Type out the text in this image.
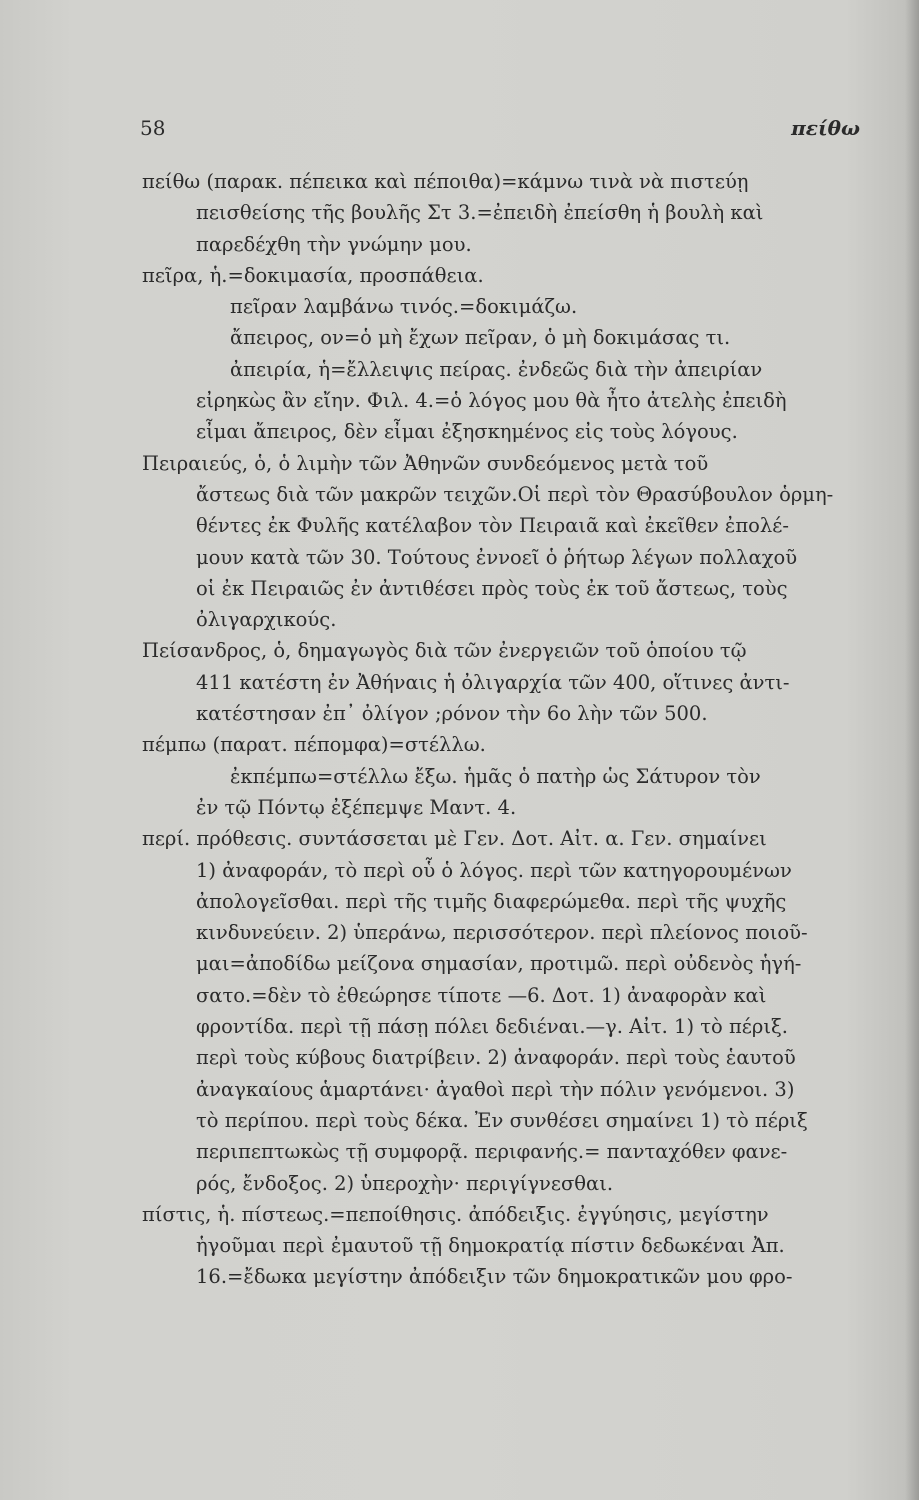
58	πείθω
πείθω (παρακ. πέπεικα καὶ πέποιθα)=κάμνω τινὰ νὰ πιστεύῃ
πεισθείσης τῆς βουλῆς Στ 3.=ἐπειδὴ ἐπείσθη ἡ βουλὴ καὶ
παρεδέχθη τὴν γνώμην μου.
πεῖρα, ἡ.=δοκιμασία, προσπάθεια.
πεῖραν λαμβάνω τινός.=δοκιμάζω.
ἄπειρος, ον=ὁ μὴ ἔχων πεῖραν, ὁ μὴ δοκιμάσας τι.
ἀπειρία, ἡ=ἔλλειψις πείρας. ἐνδεῶς διὰ τὴν ἀπειρίαν
εἰρηκὼς ἂν εἴην. Φιλ. 4.=ὁ λόγος μου θὰ ἦτο ἀτελὴς ἐπειδὴ
εἶμαι ἄπειρος, δὲν εἶμαι ἐξησκημένος εἰς τοὺς λόγους.
Πειραιεύς, ὁ, ὁ λιμὴν τῶν Ἀθηνῶν συνδεόμενος μετὰ τοῦ
ἄστεως διὰ τῶν μακρῶν τειχῶν.Οἱ περὶ τὸν Θρασύβουλον ὁρμη-
θέντες ἐκ Φυλῆς κατέλαβον τὸν Πειραιᾶ καὶ ἐκεῖθεν ἐπολέ-
μουν κατὰ τῶν 30. Τούτους ἐννοεῖ ὁ ῥήτωρ λέγων πολλαχοῦ
οἱ ἐκ Πειραιῶς ἐν ἀντιθέσει πρὸς τοὺς ἐκ τοῦ ἄστεως, τοὺς
ὀλιγαρχικούς.
Πείσανδρος, ὁ, δημαγωγὸς διὰ τῶν ἐνεργειῶν τοῦ ὁποίου τῷ
411 κατέστη ἐν Ἀθήναις ἡ ὀλιγαρχία τῶν 400, οἵτινες ἀντι-
κατέστησαν ἐπ᾽ ὀλίγον ;ρόνον τὴν 6ο λὴν τῶν 500.
πέμπω (παρατ. πέπομφα)=στέλλω.
ἐκπέμπω=στέλλω ἔξω. ἡμᾶς ὁ πατὴρ ὡς Σάτυρον τὸν
ἐν τῷ Πόντῳ ἐξέπεμψε Μαντ. 4.
περί. πρόθεσις. συντάσσεται μὲ Γεν. Δοτ. Αἰτ. α. Γεν. σημαίνει
1) ἀναφοράν, τὸ περὶ οὗ ὁ λόγος. περὶ τῶν κατηγορουμένων
ἀπολογεῖσθαι. περὶ τῆς τιμῆς διαφερώμεθα. περὶ τῆς ψυχῆς
κινδυνεύειν. 2) ὑπεράνω, περισσότερον. περὶ πλείονος ποιοῦ-
μαι=ἀποδίδω μείζονα σημασίαν, προτιμῶ. περὶ οὐδενὸς ἡγή-
σατο.=δὲν τὸ ἐθεώρησε τίποτε —6. Δοτ. 1) ἀναφορὰν καὶ
φροντίδα. περὶ τῇ πάσῃ πόλει δεδιέναι.—γ. Αἰτ. 1) τὸ πέριξ.
περὶ τοὺς κύβους διατρίβειν. 2) ἀναφοράν. περὶ τοὺς ἑαυτοῦ
ἀναγκαίους ἁμαρτάνει· ἀγαθοὶ περὶ τὴν πόλιν γενόμενοι. 3)
τὸ περίπου. περὶ τοὺς δέκα. Ἐν συνθέσει σημαίνει 1) τὸ πέριξ
περιπεπτωκὼς τῇ συμφορᾷ. περιφανής.= πανταχόθεν φανε-
ρός, ἔνδοξος. 2) ὑπεροχὴν· περιγίγνεσθαι.
πίστις, ἡ. πίστεως.=πεποίθησις. ἀπόδειξις. ἐγγύησις, μεγίστην
ἡγοῦμαι περὶ ἐμαυτοῦ τῇ δημοκρατίᾳ πίστιν δεδωκέναι Ἀπ.
16.=ἔδωκα μεγίστην ἀπόδειξιν τῶν δημοκρατικῶν μου φρο-
